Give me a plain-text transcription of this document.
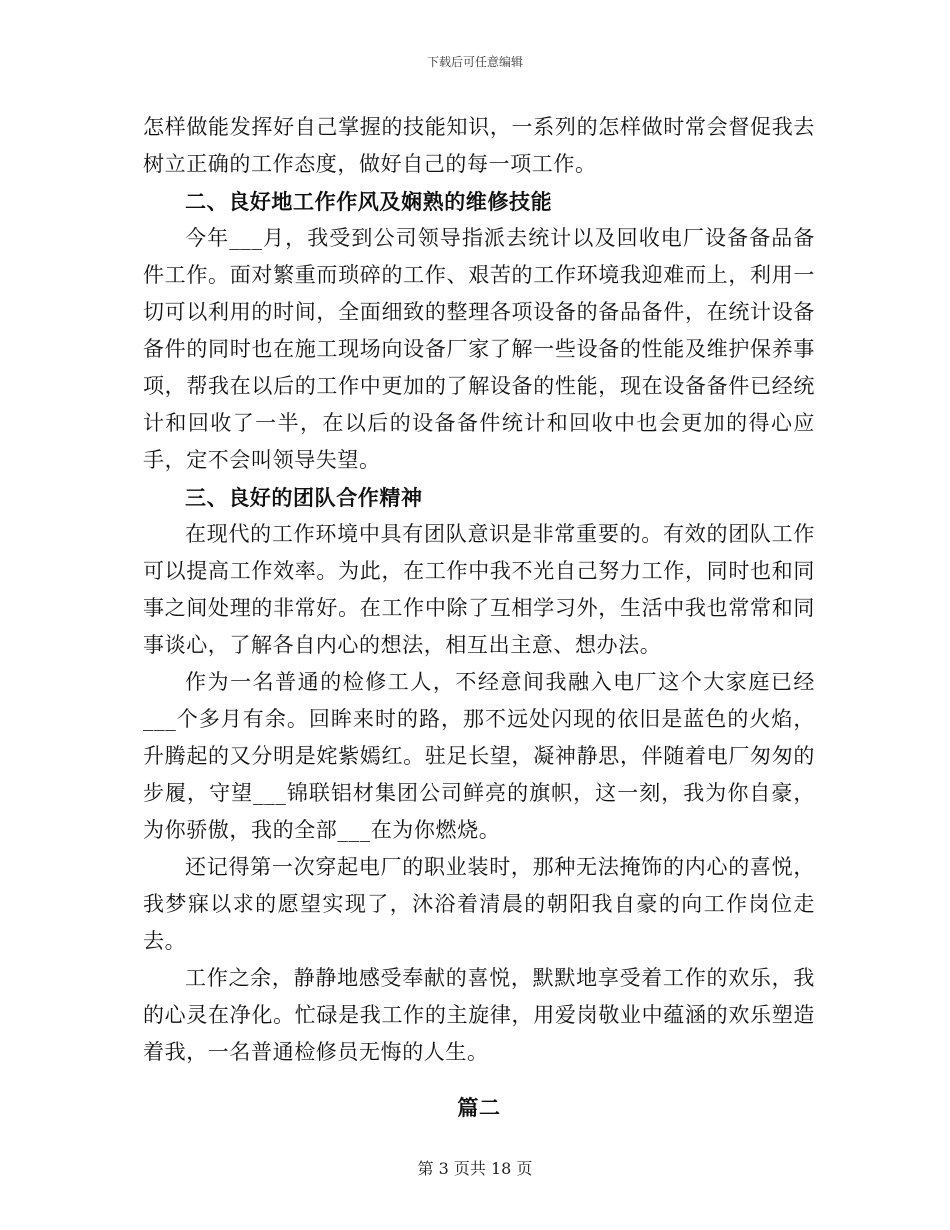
下载后可任意编辑

怎样做能发挥好自己掌握的技能知识，一系列的怎样做时常会督促我去树立正确的工作态度，做好自己的每一项工作。

二、良好地工作作风及娴熟的维修技能

今年___月，我受到公司领导指派去统计以及回收电厂设备备品备件工作。面对繁重而琐碎的工作、艰苦的工作环境我迎难而上，利用一切可以利用的时间，全面细致的整理各项设备的备品备件，在统计设备备件的同时也在施工现场向设备厂家了解一些设备的性能及维护保养事项，帮我在以后的工作中更加的了解设备的性能，现在设备备件已经统计和回收了一半，在以后的设备备件统计和回收中也会更加的得心应手，定不会叫领导失望。

三、良好的团队合作精神

在现代的工作环境中具有团队意识是非常重要的。有效的团队工作可以提高工作效率。为此，在工作中我不光自己努力工作，同时也和同事之间处理的非常好。在工作中除了互相学习外，生活中我也常常和同事谈心，了解各自内心的想法，相互出主意、想办法。

作为一名普通的检修工人，不经意间我融入电厂这个大家庭已经___个多月有余。回眸来时的路，那不远处闪现的依旧是蓝色的火焰，升腾起的又分明是姹紫嫣红。驻足长望，凝神静思，伴随着电厂匆匆的步履，守望___锦联铝材集团公司鲜亮的旗帜，这一刻，我为你自豪，为你骄傲，我的全部___在为你燃烧。

还记得第一次穿起电厂的职业装时，那种无法掩饰的内心的喜悦，我梦寐以求的愿望实现了，沐浴着清晨的朝阳我自豪的向工作岗位走去。

工作之余，静静地感受奉献的喜悦，默默地享受着工作的欢乐，我的心灵在净化。忙碌是我工作的主旋律，用爱岗敬业中蕴涵的欢乐塑造着我，一名普通检修员无悔的人生。

篇二

第 3 页共 18 页
